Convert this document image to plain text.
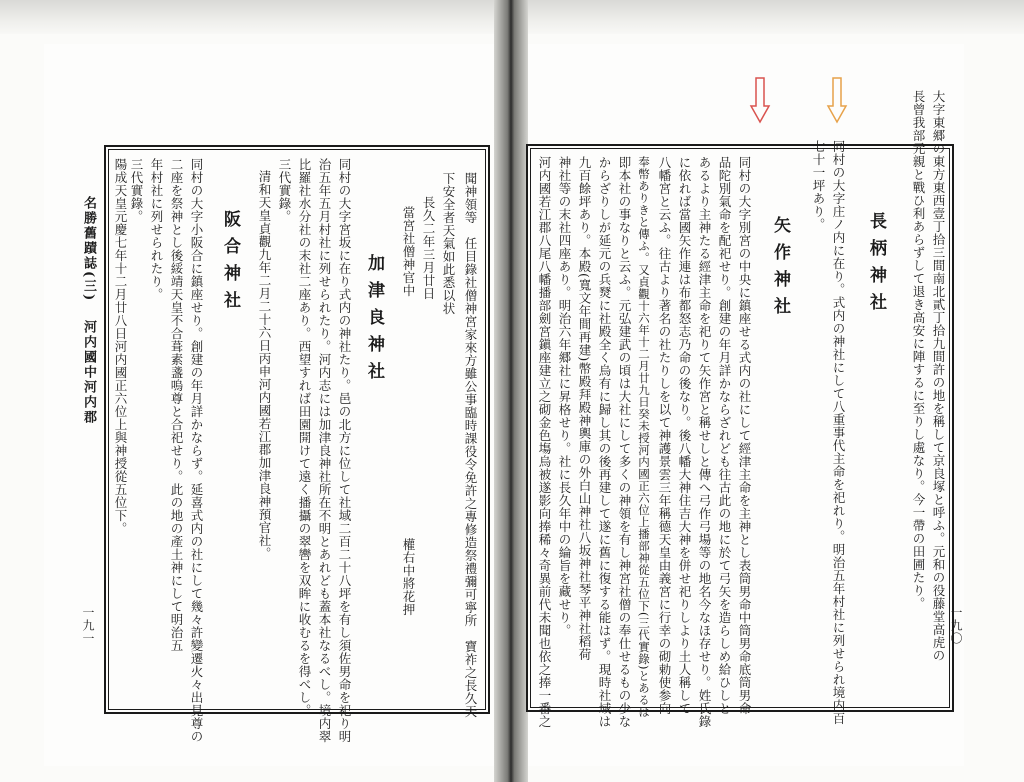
名勝舊蹟誌(三)
河内國中河内郡	聞神領等　任目錄社僧神宮家來方雖公事臨時課役令免許之專修造祭禮彌可寧所　寶祚之長久天
下安全者天氣如此悉以状
長久二年三月廿日
當宮社僧神官中
權右中將花押
加津良神社
同村の大字宮坂に在り式内の神社たり。邑の北方に位して社域二百二十八坪を有し須佐男命を祀り明
治五年五月村社に列せられたり。河内志には加津良神社所在不明とあれども蓋本社なるべし。境内翠
比羅社水分社の末社二座あり。西望すれば田園開けて遠く播攝の翠轡を双眸に收むるを得べし。
三代實錄。
清和天皇貞觀九年二月二十六日丙申河内國若江郡加津良神預官社。
阪合神社
同村の大字小阪合に鎮座せり。創建の年月詳かならず。延喜式内の社にして幾々許變遷火々出見尊の
二座を祭神とし後綏靖天皇不合葺素盞嗚尊と合祀せり。此の地の產土神にして明治五
年村社に列せられたり。
三代實錄。
陽成天皇元慶七年十二月廿八日河内國正六位上與神授從五位下。
一九一	大字東郷の東方東西壹丁拾三間南北貳丁拾九間許の地を稱して京良塚と呼ふ。元和の役藤堂高虎の
長曾我部元親と戰ひ利あらずして退き高安に陣するに至りし處なり。今一帶の田圃たり。
長柄神社
同村の大字庄ノ内に在り。式内の神社にして八重事代主命を祀れり。明治五年村社に列せられ境内百
七十一坪あり。
矢作神社
同村の大字別宮の中央に鎮座せる式内の社にして經津主命を主神とし表筒男命中筒男命底筒男命
品陀別氣命を配祀せり。創建の年月詳かならざれども往古此の地に於て弓矢を造らしめ給ひしと
あるより主神たる經津主命を祀りて矢作宮と稱せしと傳へ弓作弓場等の地名今なほ存せり。姓氏錄
に依れば當國矢作連は布都怒志乃命の後なり。後八幡大神住吉大神を併せ祀りしより土人稱して
八幡宮と云ふ。往古より著名の社たりしを以て神護景雲三年稱德天皇由義宮に行幸の砌勅使参向
奉幣ありきと傳ふ。又貞觀十六年十二月廿九日癸未授河内國正六位上播部神從五位下(三代實錄)とあるは
即本社の事なりと云ふ。元弘建武の頃は大社にして多くの神領を有し神宮社僧の奉仕せるもの少な
からざりしが延元の兵燹に社殿全く烏有に歸し其の後再建して遂に舊に復する能はず。現時社域は
九百餘坪あり。本殿(寬文年間再建)幣殿拜殿神輿庫の外白山神社八坂神社琴平神社稻荷
神社等の末社四座あり。明治六年郷社に昇格せり。社に長久年中の綸旨を藏せり。
河内國若江郡八尾八幡播部劍宮鎭座建立之砌金色塲烏被遂影向捧稀々奇異前代未聞也依之捧一番之	一九〇
